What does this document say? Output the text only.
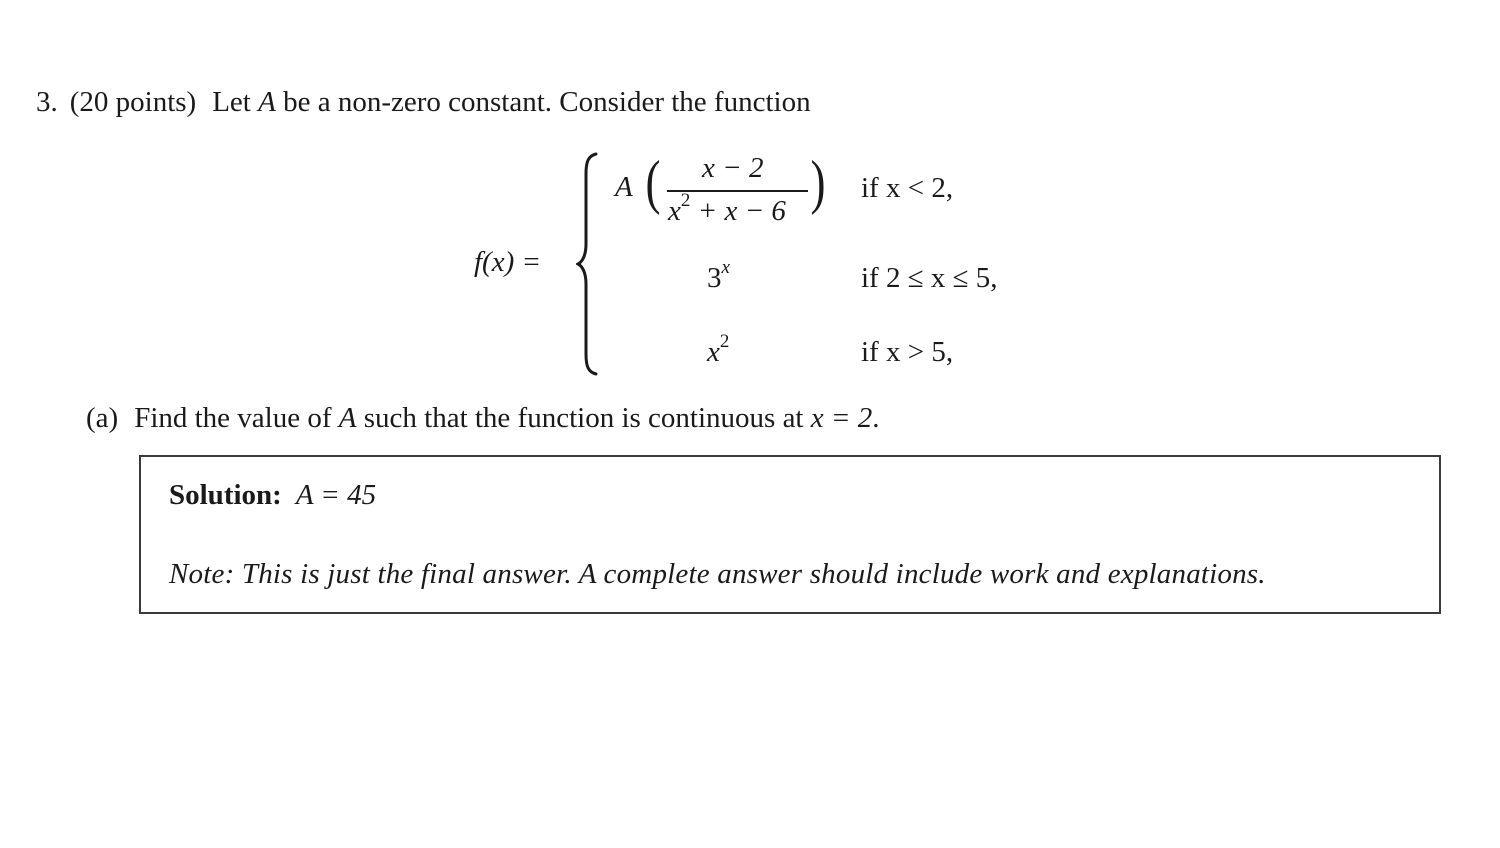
3. (20 points) Let A be a non-zero constant. Consider the function
f(x) =
A ( x − 2
$x^2 + x - 6$ ) if x < 2,
3$^x$	if 2 ≤ x ≤ 5,
$x^2$	if x > 5,
(a) Find the value of A such that the function is continuous at x = 2.
Solution: A = 45
Note: This is just the final answer. A complete answer should include work and explanations.
